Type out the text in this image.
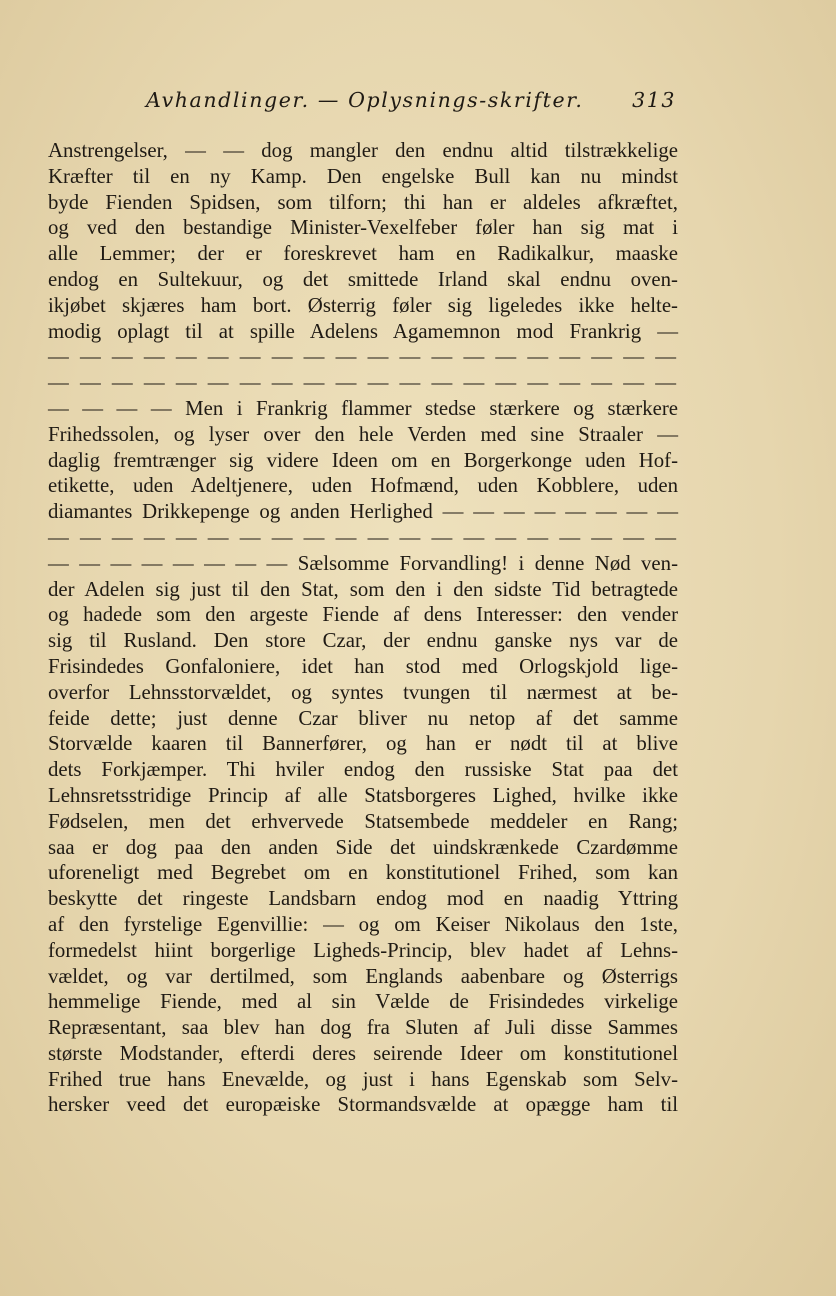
Avhandlinger. — Oplysnings-skrifter. 313
Anstrengelser, — — dog mangler den endnu altid tilstrækkelige
Kræfter til en ny Kamp. Den engelske Bull kan nu mindst
byde Fienden Spidsen, som tilforn; thi han er aldeles afkræftet,
og ved den bestandige Minister-Vexelfeber føler han sig mat i
alle Lemmer; der er foreskrevet ham en Radikalkur, maaske
endog en Sultekuur, og det smittede Irland skal endnu oven-
ikjøbet skjæres ham bort. Østerrig føler sig ligeledes ikke helte-
modig oplagt til at spille Adelens Agamemnon mod Frankrig —
— — — — — — — — — — — — — — — — — — — —
— — — — — — — — — — — — — — — — — — — —
— — — — Men i Frankrig flammer stedse stærkere og stærkere
Frihedssolen, og lyser over den hele Verden med sine Straaler —
daglig fremtrænger sig videre Ideen om en Borgerkonge uden Hof-
etikette, uden Adeltjenere, uden Hofmænd, uden Kobblere, uden
diamantes Drikkepenge og anden Herlighed — — — — — — — —
— — — — — — — — — — — — — — — — — — — —
— — — — — — — — Sælsomme Forvandling! i denne Nød ven-
der Adelen sig just til den Stat, som den i den sidste Tid betragtede
og hadede som den argeste Fiende af dens Interesser: den vender
sig til Rusland. Den store Czar, der endnu ganske nys var de
Frisindedes Gonfaloniere, idet han stod med Orlogskjold lige-
overfor Lehnsstorvældet, og syntes tvungen til nærmest at be-
feide dette; just denne Czar bliver nu netop af det samme
Storvælde kaaren til Bannerfører, og han er nødt til at blive
dets Forkjæmper. Thi hviler endog den russiske Stat paa det
Lehnsretsstridige Princip af alle Statsborgeres Lighed, hvilke ikke
Fødselen, men det erhvervede Statsembede meddeler en Rang;
saa er dog paa den anden Side det uindskrænkede Czardømme
uforeneligt med Begrebet om en konstitutionel Frihed, som kan
beskytte det ringeste Landsbarn endog mod en naadig Yttring
af den fyrstelige Egenvillie: — og om Keiser Nikolaus den 1ste,
formedelst hiint borgerlige Ligheds-Princip, blev hadet af Lehns-
vældet, og var dertilmed, som Englands aabenbare og Østerrigs
hemmelige Fiende, med al sin Vælde de Frisindedes virkelige
Repræsentant, saa blev han dog fra Sluten af Juli disse Sammes
største Modstander, efterdi deres seirende Ideer om konstitutionel
Frihed true hans Enevælde, og just i hans Egenskab som Selv-
hersker veed det europæiske Stormandsvælde at opægge ham til
